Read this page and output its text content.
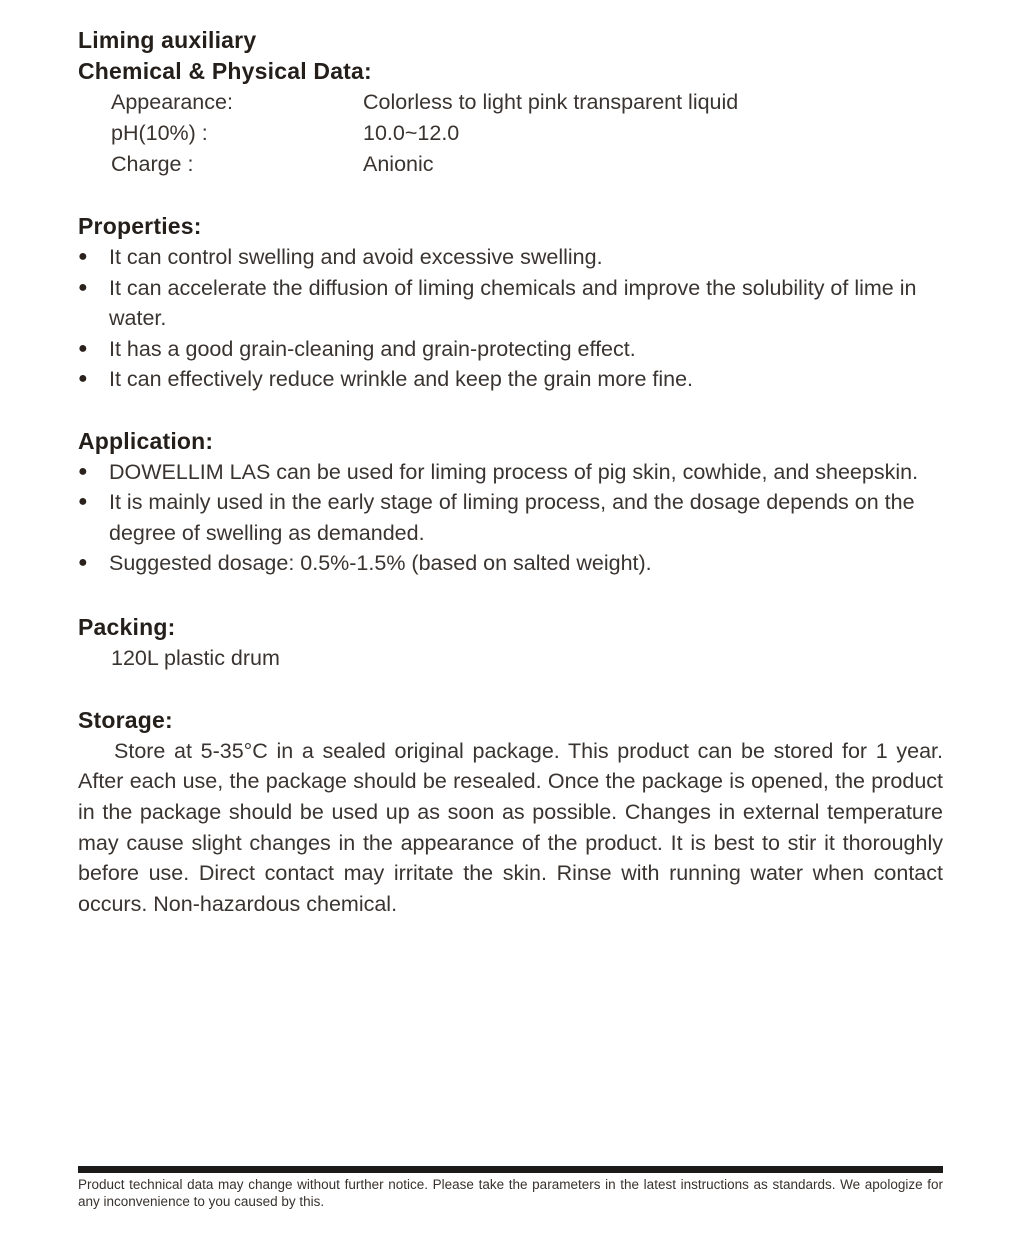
Liming auxiliary
Chemical & Physical Data:
Appearance:	Colorless to light pink transparent liquid
pH(10%) :	10.0~12.0
Charge :	Anionic
Properties:
● It can control swelling and avoid excessive swelling.
● It can accelerate the diffusion of liming chemicals and improve the solubility of lime in water.
● It has a good grain-cleaning and grain-protecting effect.
● It can effectively reduce wrinkle and keep the grain more fine.
Application:
● DOWELLIM LAS can be used for liming process of pig skin, cowhide, and sheepskin.
● It is mainly used in the early stage of liming process, and the dosage depends on the degree of swelling as demanded.
● Suggested dosage: 0.5%-1.5% (based on salted weight).
Packing:

120L plastic drum

Storage:

Store at 5-35°C in a sealed original package. This product can be stored for 1 year. After each use, the package should be resealed. Once the package is opened, the product in the package should be used up as soon as possible. Changes in external temperature may cause slight changes in the appearance of the product. It is best to stir it thoroughly before use. Direct contact may irritate the skin. Rinse with running water when contact occurs. Non-hazardous chemical.

Product technical data may change without further notice. Please take the parameters in the latest instructions as standards. We apologize for any inconvenience to you caused by this.
